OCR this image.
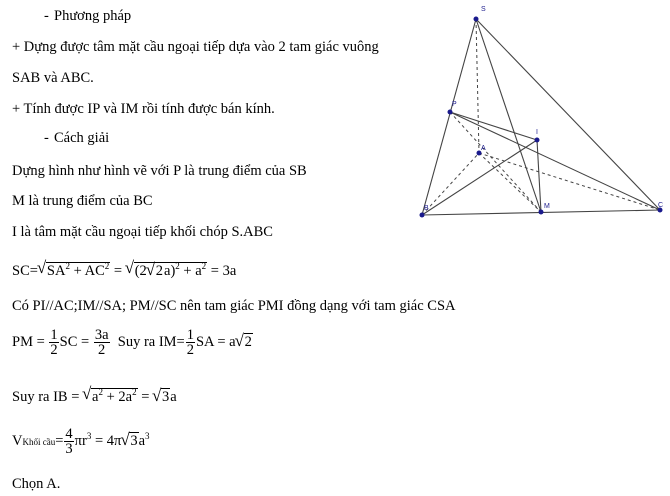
- Phương pháp
+ Dựng được tâm mặt cầu ngoại tiếp dựa vào 2 tam giác vuông
SAB và ABC.
+ Tính được IP và IM rồi tính được bán kính.
- Cách giải
Dựng hình như hình vẽ với P là trung điểm của SB
M là trung điểm của BC
I là tâm mặt cầu ngoại tiếp khối chóp S.ABC
SC=√ $SA^2 + AC^2$ = √ (2√ $2a)^2 + a^2 = 3a$
Có PI//AC;IM//SA; PM//SC nên tam giác PMI đồng dạng với tam giác CSA
PM = $\frac{1}{2}$ SC = $\frac{3a}{2}$ Suy ra $IM= \frac{1}{2}$ SA = a√ 2
Suy ra IB = √ $a^2 + 2a^2$ = √ 3a
VKhối cầu= $\frac{4}{3} \pi r^3 = 4\pi√$ $3a^3$
Chọn A.
S
P
A
I
B	M	C
